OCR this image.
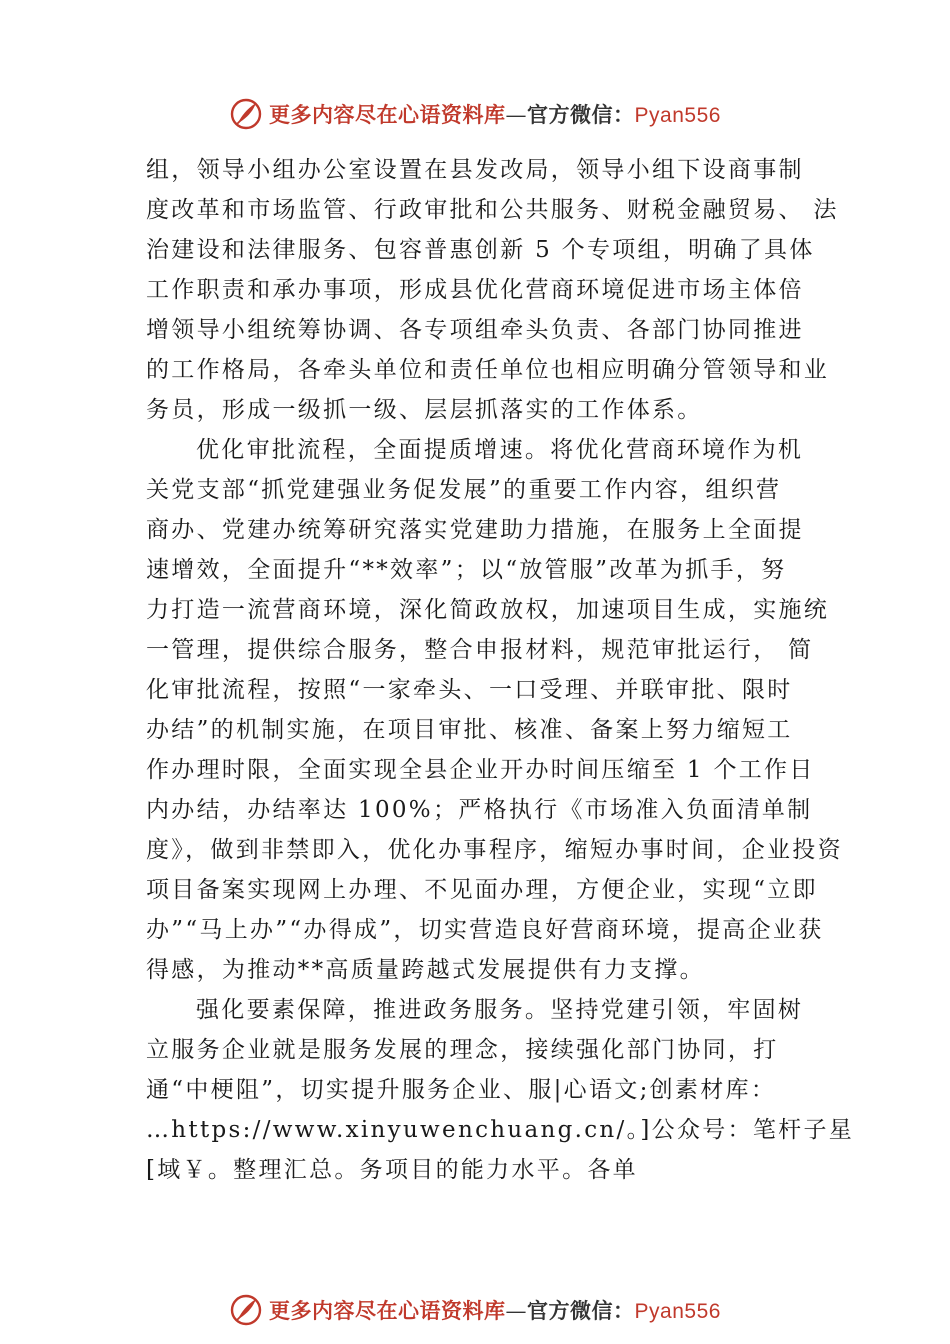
更多内容尽在心语资料库—官方微信：Pyan556
组，领导小组办公室设置在县发改局，领导小组下设商事制
度改革和市场监管、行政审批和公共服务、财税金融贸易、 法
治建设和法律服务、包容普惠创新 5 个专项组，明确了具体
工作职责和承办事项，形成县优化营商环境促进市场主体倍
增领导小组统筹协调、各专项组牵头负责、各部门协同推进
的工作格局，各牵头单位和责任单位也相应明确分管领导和业
务员，形成一级抓一级、层层抓落实的工作体系。
优化审批流程，全面提质增速。将优化营商环境作为机
关党支部“抓党建强业务促发展”的重要工作内容，组织营
商办、党建办统筹研究落实党建助力措施，在服务上全面提
速增效，全面提升“**效率”；以“放管服”改革为抓手，努
力打造一流营商环境，深化简政放权，加速项目生成，实施统
一管理，提供综合服务，整合申报材料，规范审批运行， 简
化审批流程，按照“一家牵头、一口受理、并联审批、限时
办结”的机制实施，在项目审批、核准、备案上努力缩短工
作办理时限，全面实现全县企业开办时间压缩至 1 个工作日
内办结，办结率达 100%；严格执行《市场准入负面清单制
度》，做到非禁即入，优化办事程序，缩短办事时间，企业投资
项目备案实现网上办理、不见面办理，方便企业，实现“立即
办”“马上办”“办得成”，切实营造良好营商环境，提高企业获
得感，为推动**高质量跨越式发展提供有力支撑。
强化要素保障，推进政务服务。坚持党建引领，牢固树
立服务企业就是服务发展的理念，接续强化部门协同，打
通“中梗阻”，切实提升服务企业、服|心语文;创素材库：
…https://www.xinyuwenchuang.cn/。]公众号：笔杆子星
[域￥。整理汇总。务项目的能力水平。各单
更多内容尽在心语资料库—官方微信：Pyan556
